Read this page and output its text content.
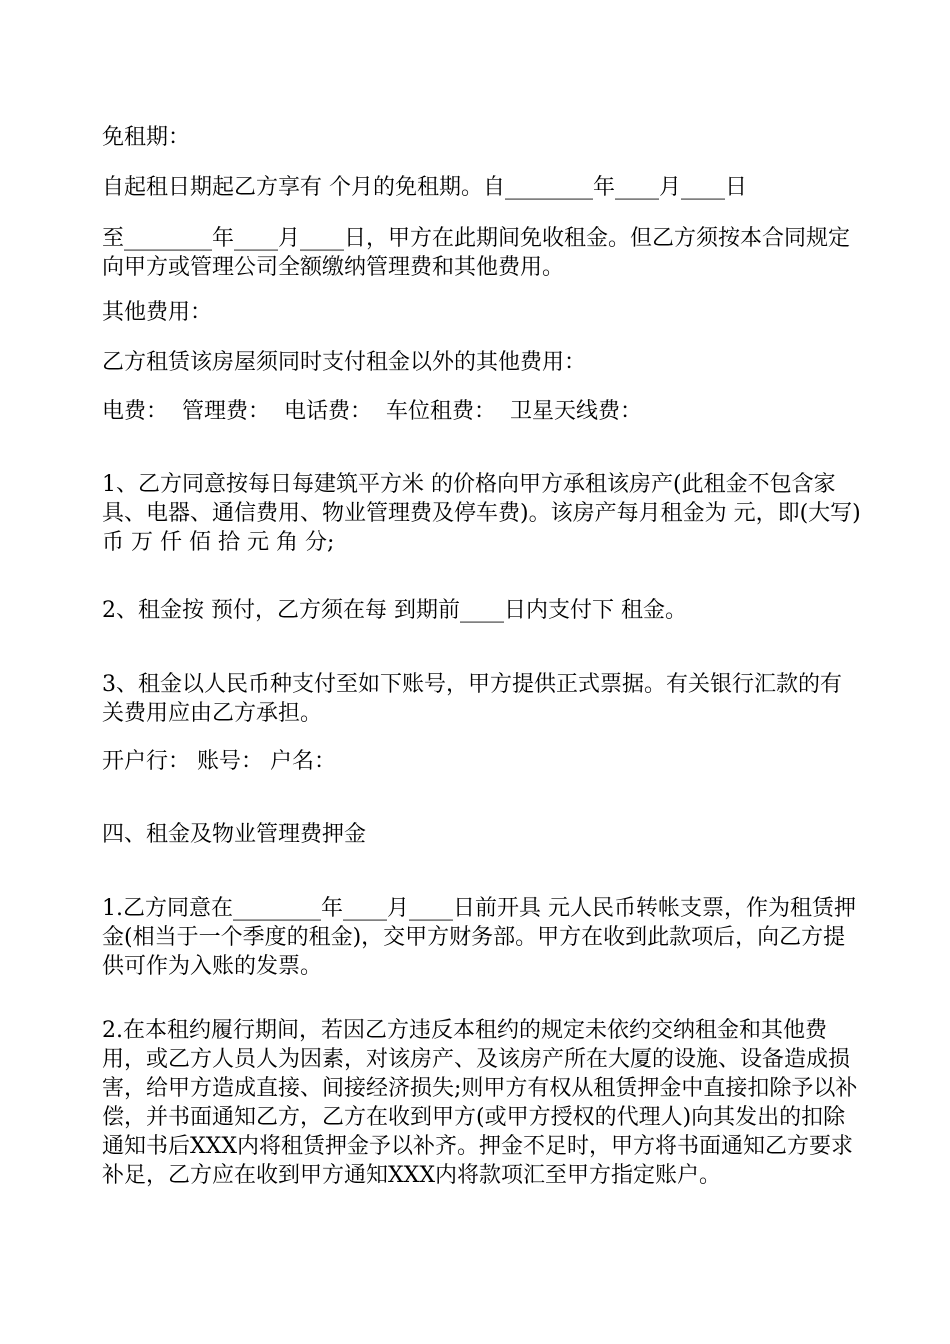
免租期：

自起租日期起乙方享有 个月的免租期。自________年____月____日

至________年____月____日，甲方在此期间免收租金。但乙方须按本合同规定向甲方或管理公司全额缴纳管理费和其他费用。

其他费用：

乙方租赁该房屋须同时支付租金以外的其他费用：

电费：  管理费：  电话费：  车位租费：  卫星天线费：

1、乙方同意按每日每建筑平方米 的价格向甲方承租该房产(此租金不包含家具、电器、通信费用、物业管理费及停车费)。该房产每月租金为 元，即(大写) 币 万 仟 佰 拾 元 角 分;

2、租金按 预付，乙方须在每 到期前____日内支付下 租金。

3、租金以人民币种支付至如下账号，甲方提供正式票据。有关银行汇款的有关费用应由乙方承担。

开户行： 账号： 户名：

四、租金及物业管理费押金

1.乙方同意在________年____月____日前开具 元人民币转帐支票，作为租赁押金(相当于一个季度的租金)，交甲方财务部。甲方在收到此款项后，向乙方提供可作为入账的发票。

2.在本租约履行期间，若因乙方违反本租约的规定未依约交纳租金和其他费用，或乙方人员人为因素，对该房产、及该房产所在大厦的设施、设备造成损害，给甲方造成直接、间接经济损失;则甲方有权从租赁押金中直接扣除予以补偿，并书面通知乙方，乙方在收到甲方(或甲方授权的代理人)向其发出的扣除通知书后XXX内将租赁押金予以补齐。押金不足时，甲方将书面通知乙方要求补足，乙方应在收到甲方通知XXX内将款项汇至甲方指定账户。
